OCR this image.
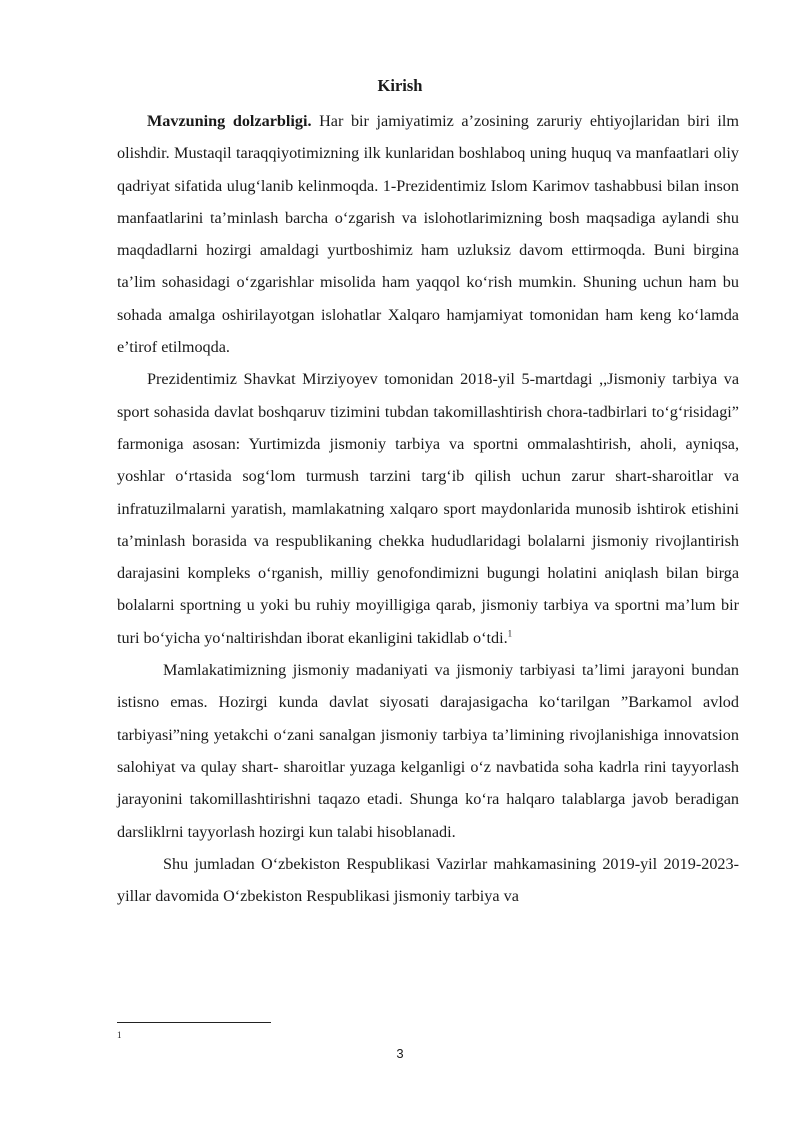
Kirish

Mavzuning dolzarbligi. Har bir jamiyatimiz a’zosining zaruriy ehtiyojlaridan biri ilm olishdir. Mustaqil taraqqiyotimizning ilk kunlaridan boshlaboq uning huquq va manfaatlari oliy qadriyat sifatida ulug‘lanib kelinmoqda. 1-Prezidentimiz Islom Karimov tashabbusi bilan inson manfaatlarini ta’minlash barcha o‘zgarish va islohotlarimizning bosh maqsadiga aylandi shu maqdadlarni hozirgi amaldagi yurtboshimiz ham uzluksiz davom ettirmoqda. Buni birgina ta’lim sohasidagi o‘zgarishlar misolida ham yaqqol ko‘rish mumkin. Shuning uchun ham bu sohada amalga oshirilayotgan islohatlar Xalqaro hamjamiyat tomonidan ham keng ko‘lamda e’tirof etilmoqda.

Prezidentimiz Shavkat Mirziyoyev tomonidan 2018-yil 5-martdagi ,,Jismoniy tarbiya va sport sohasida davlat boshqaruv tizimini tubdan takomillashtirish chora-tadbirlari to‘g‘risidagi” farmoniga asosan: Yurtimizda jismoniy tarbiya va sportni ommalashtirish, aholi, ayniqsa, yoshlar o‘rtasida sog‘lom turmush tarzini targ‘ib qilish uchun zarur shart-sharoitlar va infratuzilmalarni yaratish, mamlakatning xalqaro sport maydonlarida munosib ishtirok etishini ta’minlash borasida va respublikaning chekka hududlaridagi bolalarni jismoniy rivojlantirish darajasini kompleks o‘rganish, milliy genofondimizni bugungi holatini aniqlash bilan birga bolalarni sportning u yoki bu ruhiy moyilligiga qarab, jismoniy tarbiya va sportni ma’lum bir turi bo‘yicha yo‘naltirishdan iborat ekanligini takidlab o‘tdi.$^1$

Mamlakatimizning jismoniy madaniyati va jismoniy tarbiyasi ta’limi jarayoni bundan istisno emas. Hozirgi kunda davlat siyosati darajasigacha ko‘tarilgan ”Barkamol avlod tarbiyasi”ning yetakchi o‘zani sanalgan jismoniy tarbiya ta’limining rivojlanishiga innovatsion salohiyat va qulay shart- sharoitlar yuzaga kelganligi o‘z navbatida soha kadrla rini tayyorlash jarayonini takomillashtirishni taqazo etadi. Shunga ko‘ra halqaro talablarga javob beradigan darsliklrni tayyorlash hozirgi kun talabi hisoblanadi.

Shu jumladan O‘zbekiston Respublikasi Vazirlar mahkamasining 2019-yil 2019-2023-yillar davomida O‘zbekiston Respublikasi jismoniy tarbiya va

1
3
